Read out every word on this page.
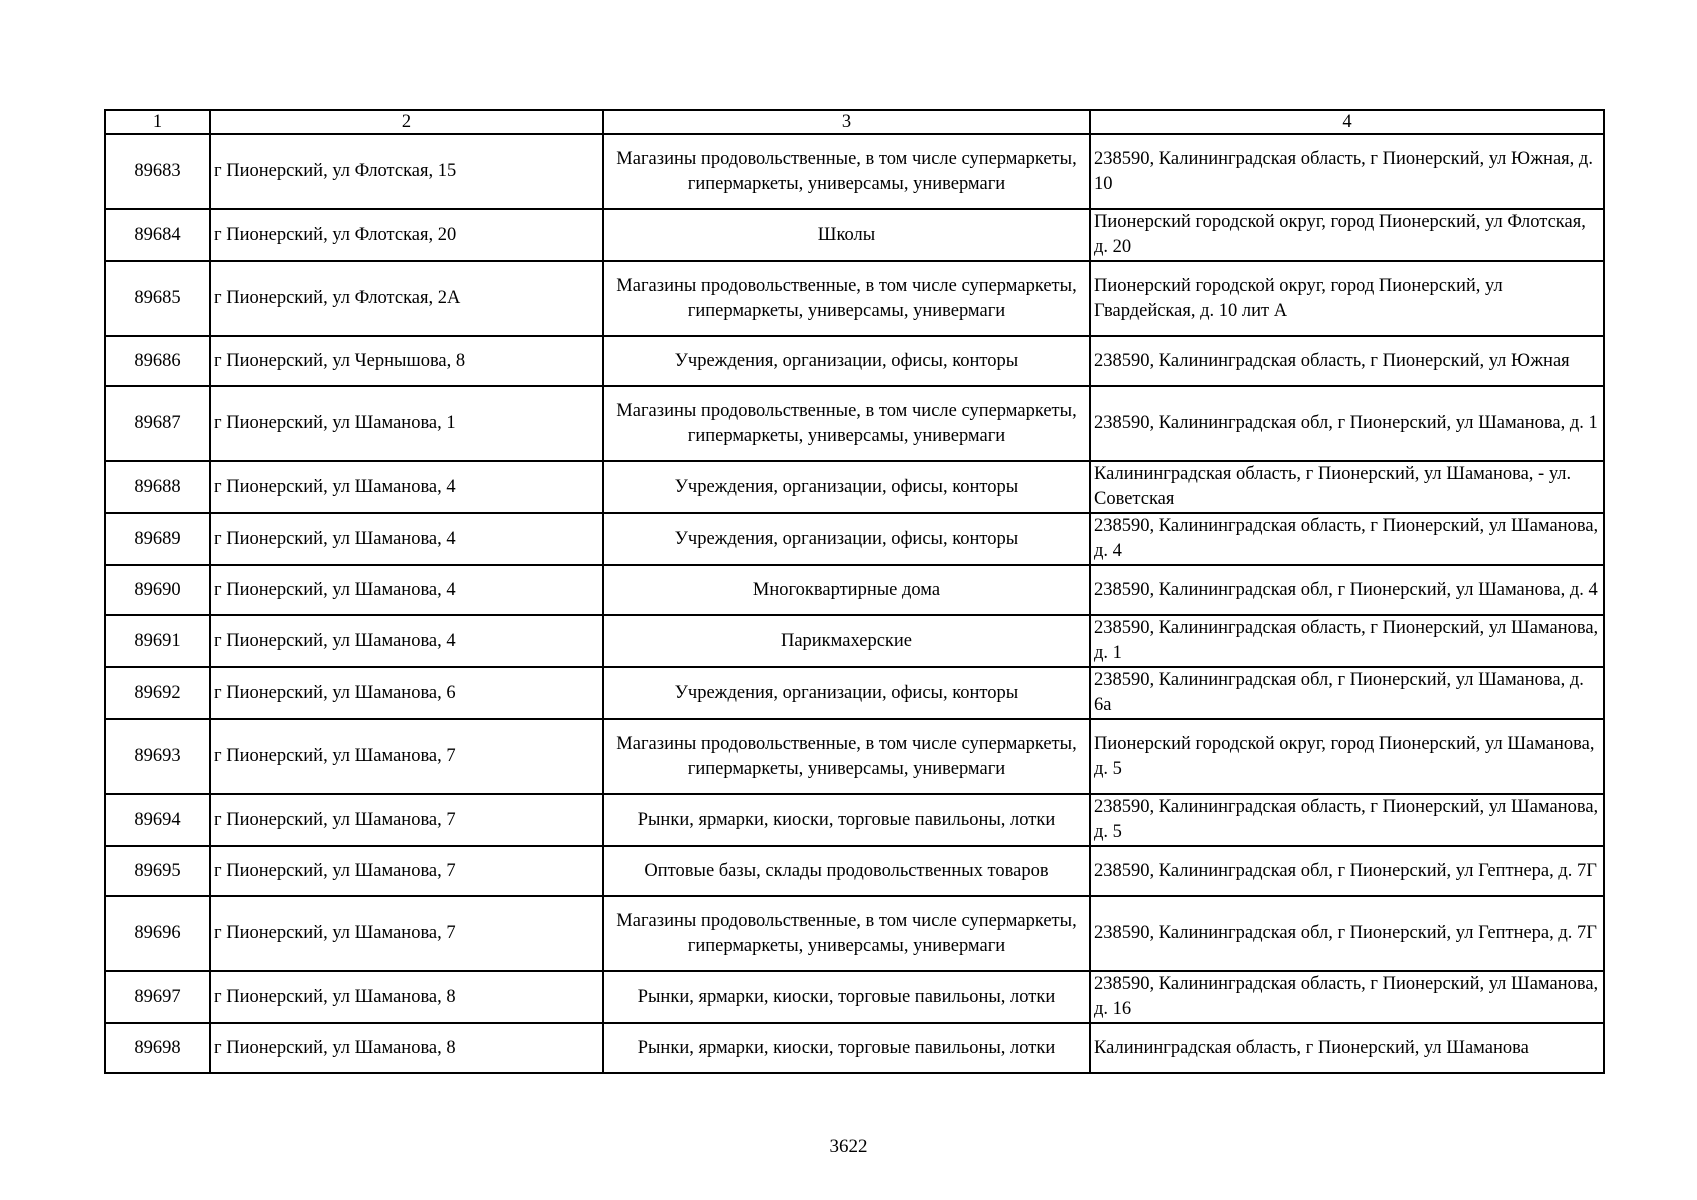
1	2	3	4
89683	г Пионерский, ул Флотская, 15	Магазины продовольственные, в том числе супермаркеты, гипермаркеты, универсамы, универмаги	238590, Калининградская область, г Пионерский, ул Южная, д. 10
89684	г Пионерский, ул Флотская, 20	Школы	Пионерский городской округ, город Пионерский, ул Флотская, д. 20
89685	г Пионерский, ул Флотская, 2А	Магазины продовольственные, в том числе супермаркеты, гипермаркеты, универсамы, универмаги	Пионерский городской округ, город Пионерский, ул Гвардейская, д. 10 лит А
89686	г Пионерский, ул Чернышова, 8	Учреждения, организации, офисы, конторы	238590, Калининградская область, г Пионерский, ул Южная
89687	г Пионерский, ул Шаманова, 1	Магазины продовольственные, в том числе супермаркеты, гипермаркеты, универсамы, универмаги	238590, Калининградская обл, г Пионерский, ул Шаманова, д. 1
89688	г Пионерский, ул Шаманова, 4	Учреждения, организации, офисы, конторы	Калининградская область, г Пионерский, ул Шаманова, - ул. Советская
89689	г Пионерский, ул Шаманова, 4	Учреждения, организации, офисы, конторы	238590, Калининградская область, г Пионерский, ул Шаманова, д. 4
89690	г Пионерский, ул Шаманова, 4	Многоквартирные дома	238590, Калининградская обл, г Пионерский, ул Шаманова, д. 4
89691	г Пионерский, ул Шаманова, 4	Парикмахерские	238590, Калининградская область, г Пионерский, ул Шаманова, д. 1
89692	г Пионерский, ул Шаманова, 6	Учреждения, организации, офисы, конторы	238590, Калининградская обл, г Пионерский, ул Шаманова, д. 6а
89693	г Пионерский, ул Шаманова, 7	Магазины продовольственные, в том числе супермаркеты, гипермаркеты, универсамы, универмаги	Пионерский городской округ, город Пионерский, ул Шаманова, д. 5
89694	г Пионерский, ул Шаманова, 7	Рынки, ярмарки, киоски, торговые павильоны, лотки	238590, Калининградская область, г Пионерский, ул Шаманова, д. 5
89695	г Пионерский, ул Шаманова, 7	Оптовые базы, склады продовольственных товаров	238590, Калининградская обл, г Пионерский, ул Гептнера, д. 7Г
89696	г Пионерский, ул Шаманова, 7	Магазины продовольственные, в том числе супермаркеты, гипермаркеты, универсамы, универмаги	238590, Калининградская обл, г Пионерский, ул Гептнера, д. 7Г
89697	г Пионерский, ул Шаманова, 8	Рынки, ярмарки, киоски, торговые павильоны, лотки	238590, Калининградская область, г Пионерский, ул Шаманова, д. 16
89698	г Пионерский, ул Шаманова, 8	Рынки, ярмарки, киоски, торговые павильоны, лотки	Калининградская область, г Пионерский, ул Шаманова
3622
